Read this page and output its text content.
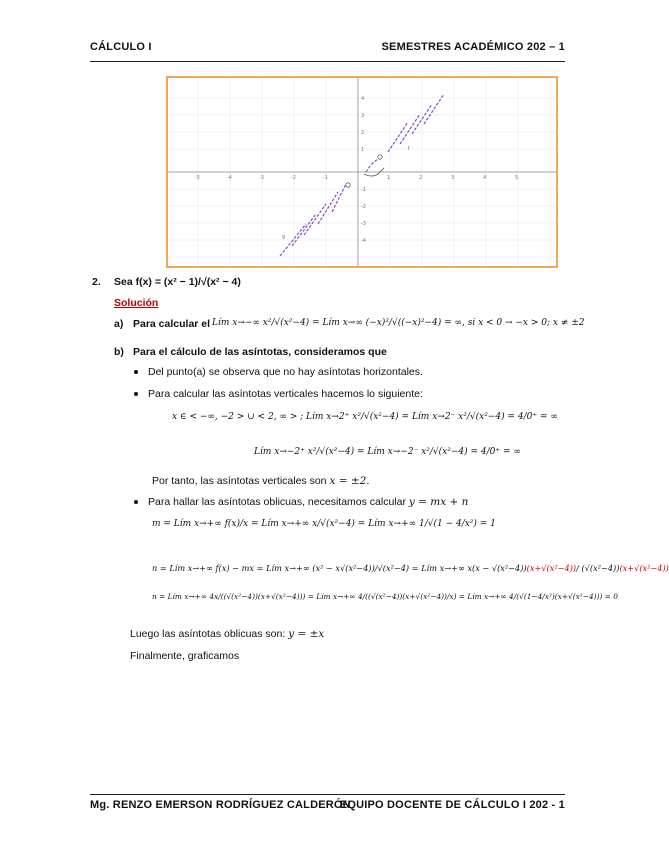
CÁLCULO I	SEMESTRES ACADÉMICO 202 – 1
-5	-4	-3	-2	-1	1	2	3	4	5
4
3
2
1
-1
-2
-3
-4
g
f
2. Sea f(x) = (x² − 1)/√(x² − 4)
Solución
a) Para calcular el Lím x→−∞ x²/√(x²−4) = Lím x→∞ (−x)²/√((−x)²−4) = ∞, si x < 0 → −x > 0; x ≠ ±2
b) Para el cálculo de las asíntotas, consideramos que
Del punto(a) se observa que no hay asíntotas horizontales.
Para calcular las asíntotas verticales hacemos lo siguiente:
x ∈ < −∞, −2 > ∪ < 2, ∞ > ; Lím x→2⁺ x²/√(x²−4) = Lím x→2⁻ x²/√(x²−4) = 4/0⁺ = ∞
Lím x→−2⁺ x²/√(x²−4) = Lím x→−2⁻ x²/√(x²−4) = 4/0⁺ = ∞
Por tanto, las asíntotas verticales son x = ±2.
Para hallar las asíntotas oblicuas, necesitamos calcular y = mx + n
m = Lím x→+∞ f(x)/x = Lím x→+∞ x/√(x²−4) = Lím x→+∞ 1/√(1 − 4/x²) = 1
n = Lím x→+∞ f(x) − mx = Lím x→+∞ (x² − x√(x²−4))/√(x²−4) = Lím x→+∞ x(x − √(x²−4))(x+√(x²−4))/ (√(x²−4))(x+√(x²−4))
n = Lím x→+∞ 4x/((√(x²−4))(x+√(x²−4))) = Lím x→+∞ 4/((√(x²−4))(x+√(x²−4))/x) = Lím x→+∞ 4/(√(1−4/x²)(x+√(x²−4))) = 0
Luego las asíntotas oblicuas son: y = ±x
Finalmente, graficamos
Mg. RENZO EMERSON RODRÍGUEZ CALDERÓN
EQUIPO DOCENTE DE CÁLCULO I 202 - 1
